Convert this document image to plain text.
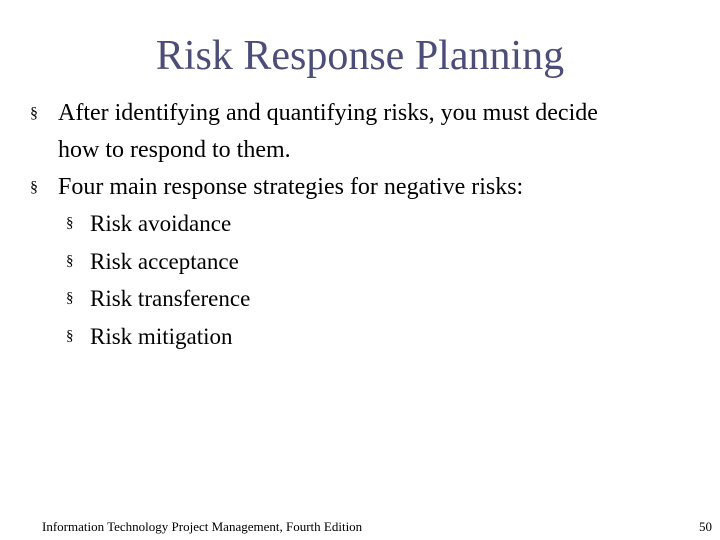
Risk Response Planning
§ After identifying and quantifying risks, you must decide how to respond to them.
§ Four main response strategies for negative risks:
§ Risk avoidance
§ Risk acceptance
§ Risk transference
§ Risk mitigation
Information Technology Project Management, Fourth Edition	50
